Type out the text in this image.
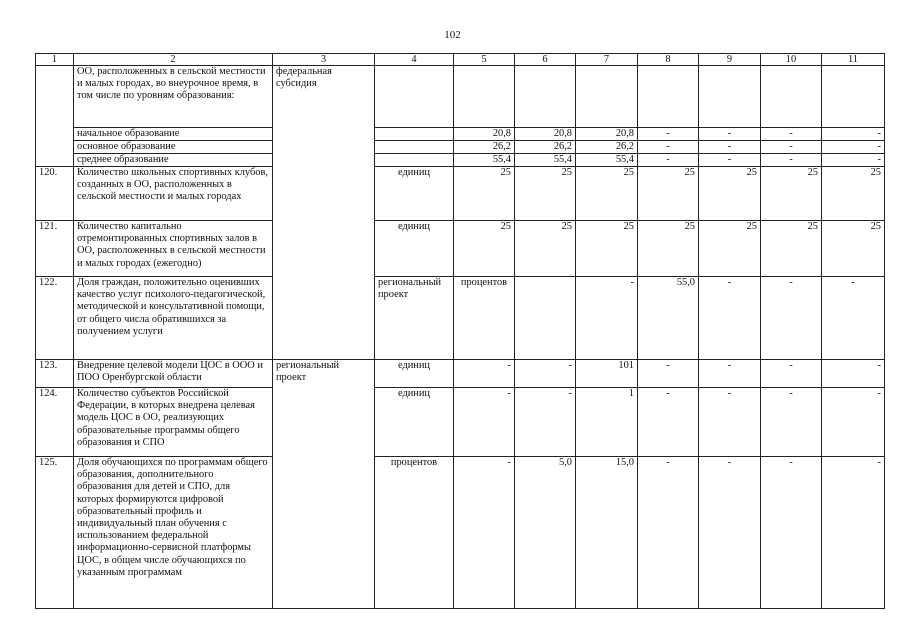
102
1	2	3	4	5	6	7	8	9	10	11	
	ОО, расположенных в сельской местности и малых городах, во внеурочное время, в том числе по уровням образования:	федеральная субсидия									
	начальное образование			20,8	20,8	20,8	-	-	-	-	
	основное образование			26,2	26,2	26,2	-	-	-	-	
	среднее образование			55,4	55,4	55,4	-	-	-	-	
120.	Количество школьных спортивных клубов, созданных в ОО, расположенных в сельской местности и малых городах		единиц	25	25	25	25	25	25	25	
121.	Количество капитально отремонтированных спортивных залов в ОО, расположенных в сельской местности и малых городах (ежегодно)		единиц	25	25	25	25	25	25	25	
122.	Доля граждан, положительно оценивших качество услуг психолого-педагогической, методической и консультативной помощи, от общего числа обратившихся за получением услуги		региональный проект	процентов		-	55,0	-	-	-	
123.	Внедрение целевой модели ЦОС в ООО и ПОО Оренбургской области	региональный проект	единиц	-	-	101	-	-	-	-	
124.	Количество субъектов Российской Федерации, в которых внедрена целевая модель ЦОС в ОО, реализующих образовательные программы общего образования и СПО		единиц	-	-	1	-	-	-	-	
125.	Доля обучающихся по программам общего образования, дополнительного образования для детей и СПО, для которых формируются цифровой образовательный профиль и индивидуальный план обучения с использованием федеральной информационно-сервисной платформы ЦОС, в общем числе обучающихся по указанным программам		процентов	-	5,0	15,0	-	-	-	-	
